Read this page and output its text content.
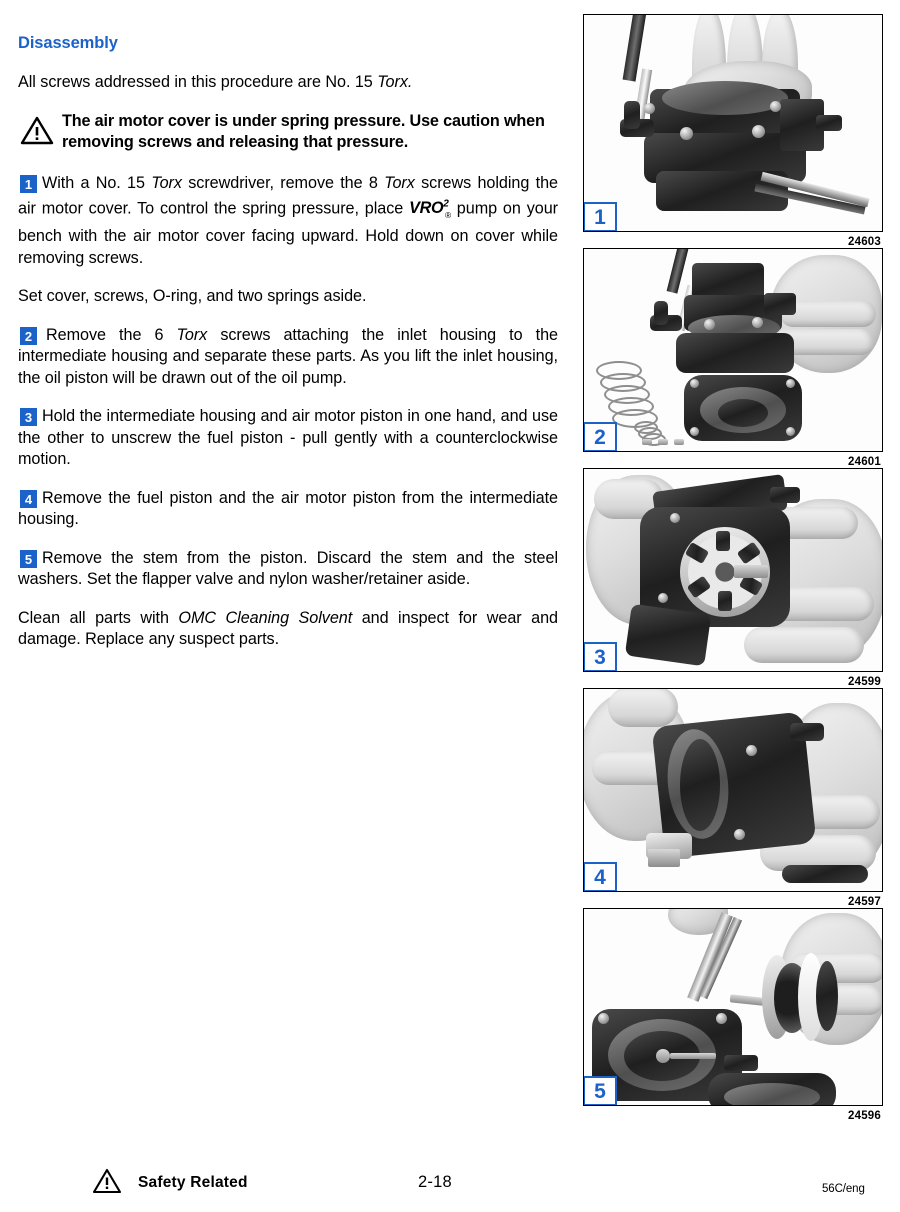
Disassembly

All screws addressed in this procedure are No. 15 Torx.

The air motor cover is under spring pressure. Use caution when removing screws and releasing that pressure.
1 With a No. 15 Torx screwdriver, remove the 8 Torx screws holding the air motor cover. To control the spring pressure, place $VRO^2_®$ pump on your bench with the air motor cover facing upward. Hold down on cover while removing screws.

Set cover, screws, O-ring, and two springs aside.

2 Remove the 6 Torx screws attaching the inlet housing to the intermediate housing and separate these parts. As you lift the inlet housing, the oil piston will be drawn out of the oil pump.
3 Hold the intermediate housing and air motor piston in one hand, and use the other to unscrew the fuel piston - pull gently with a counterclockwise motion.
4 Remove the fuel piston and the air motor piston from the intermediate housing.
5 Remove the stem from the piston. Discard the stem and the steel washers. Set the flapper valve and nylon washer/retainer aside.

Clean all parts with OMC Cleaning Solvent and inspect for wear and damage. Replace any suspect parts.

1
24603
2
24601
3
24599
4
24597
5
24596
Safety Related	2-18	56C/eng
